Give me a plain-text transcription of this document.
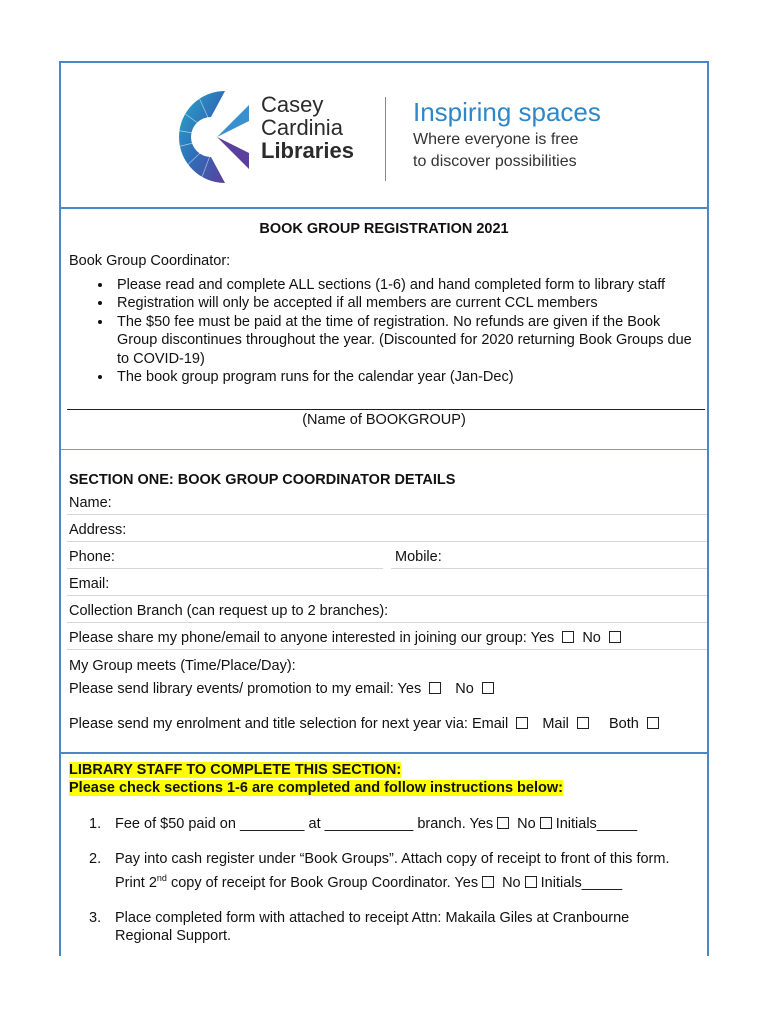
Casey
Cardinia
Libraries
Inspiring spaces
Where everyone is free
to discover possibilities
BOOK GROUP REGISTRATION 2021
Book Group Coordinator:
• Please read and complete ALL sections (1-6) and hand completed form to library staff
• Registration will only be accepted if all members are current CCL members
• The $50 fee must be paid at the time of registration. No refunds are given if the Book Group discontinues throughout the year. (Discounted for 2020 returning Book Groups due to COVID-19)
• The book group program runs for the calendar year (Jan-Dec)
(Name of BOOKGROUP)
SECTION ONE: BOOK GROUP COORDINATOR DETAILS
Name:
Address:
Phone:	Mobile:
Email:
Collection Branch (can request up to 2 branches):
Please share my phone/email to anyone interested in joining our group: Yes No
My Group meets (Time/Place/Day):
Please send library events/ promotion to my email: Yes No
Please send my enrolment and title selection for next year via: Email Mail	Both
LIBRARY STAFF TO COMPLETE THIS SECTION:
Please check sections 1-6 are completed and follow instructions below:
1. Fee of $50 paid on ________ at ___________ branch. Yes No Initials_____
2. Pay into cash register under “Book Groups”. Attach copy of receipt to front of this form.
Print 2nd copy of receipt for Book Group Coordinator. Yes No Initials_____
3. Place completed form with attached to receipt Attn: Makaila Giles at Cranbourne Regional Support.
